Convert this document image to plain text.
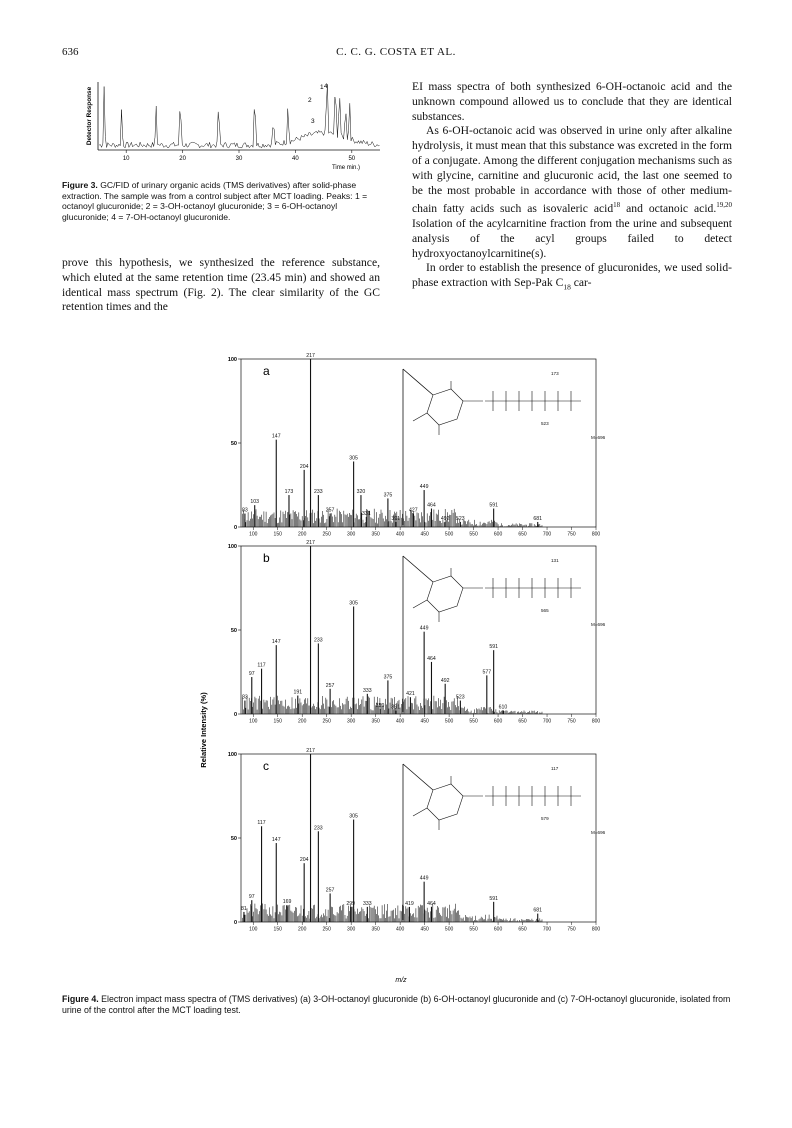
636	C. C. G. COSTA ET AL.
Detector Response
10	20	30	40	50
Time min.)
1
2
3
4
Figure 3. GC/FID of urinary organic acids (TMS derivatives) after solid-phase extraction. The sample was from a control subject after MCT loading. Peaks: 1 = octanoyl glucuronide; 2 = 3-OH-octanoyl glucuronide; 3 = 6-OH-octanoyl glucuronide; 4 = 7-OH-octanoyl glucuronide.

prove this hypothesis, we synthesized the reference substance, which eluted at the same retention time (23.45 min) and showed an identical mass spectrum (Fig. 2). The clear similarity of the GC retention times and the

EI mass spectra of both synthesized 6-OH-octanoic acid and the unknown compound allowed us to conclude that they are identical substances.

As 6-OH-octanoic acid was observed in urine only after alkaline hydrolysis, it must mean that this substance was excreted in the form of a conjugate. Among the different conjugation mechanisms such as with glycine, carnitine and glucuronic acid, the last one seemed to be the most probable in accordance with those of other medium-chain fatty acids such as isovaleric acid$^{18}$ and octanoic acid.$^{19,20}$ Isolation of the acylcarnitine fraction from the urine and subsequent analysis of the acyl groups failed to detect hydroxyoctanoylcarnitine(s).

In order to establish the presence of glucuronides, we used solid-phase extraction with Sep-Pak $C_{18}$ car-

Relative Intensity (%)
100
50
0
100	150	200	250	300	350	400	450	500	550	600	650	700	750	800
a
83
103
147
173
204
217
233
257
305
320
331
375
391
427
449
464
492 523
591
681
173
523
M=696
100
50
0
100	150	200	250	300	350	400	450	500	550	600	650	700	750	800
b
83
97
117
147
191
217
233
257
305
333
359
375
391
421
449
464
492
523
577
591
610
131
565
M=696
100
50
0
100	150	200	250	300	350	400	450	500	550	600	650	700	750	800
c
81
97
117
147
169
204
217
233
257
299
305
333	419
449
464
591
681
117
579
M=696
m/z
Figure 4. Electron impact mass spectra of (TMS derivatives) (a) 3-OH-octanoyl glucuronide (b) 6-OH-octanoyl glucuronide and (c) 7-OH-octanoyl glucuronide, isolated from urine of the control after the MCT loading test.
